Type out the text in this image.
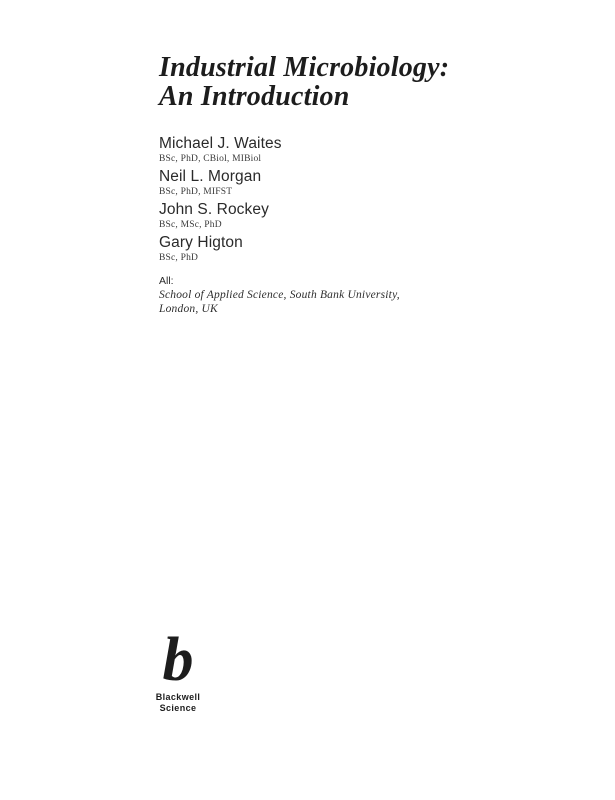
Industrial Microbiology:
An Introduction
Michael J. Waites
BSc, PhD, CBiol, MIBiol
Neil L. Morgan
BSc, PhD, MIFST
John S. Rockey
BSc, MSc, PhD
Gary Higton
BSc, PhD
All:
School of Applied Science, South Bank University,
London, UK
b
Blackwell
Science
